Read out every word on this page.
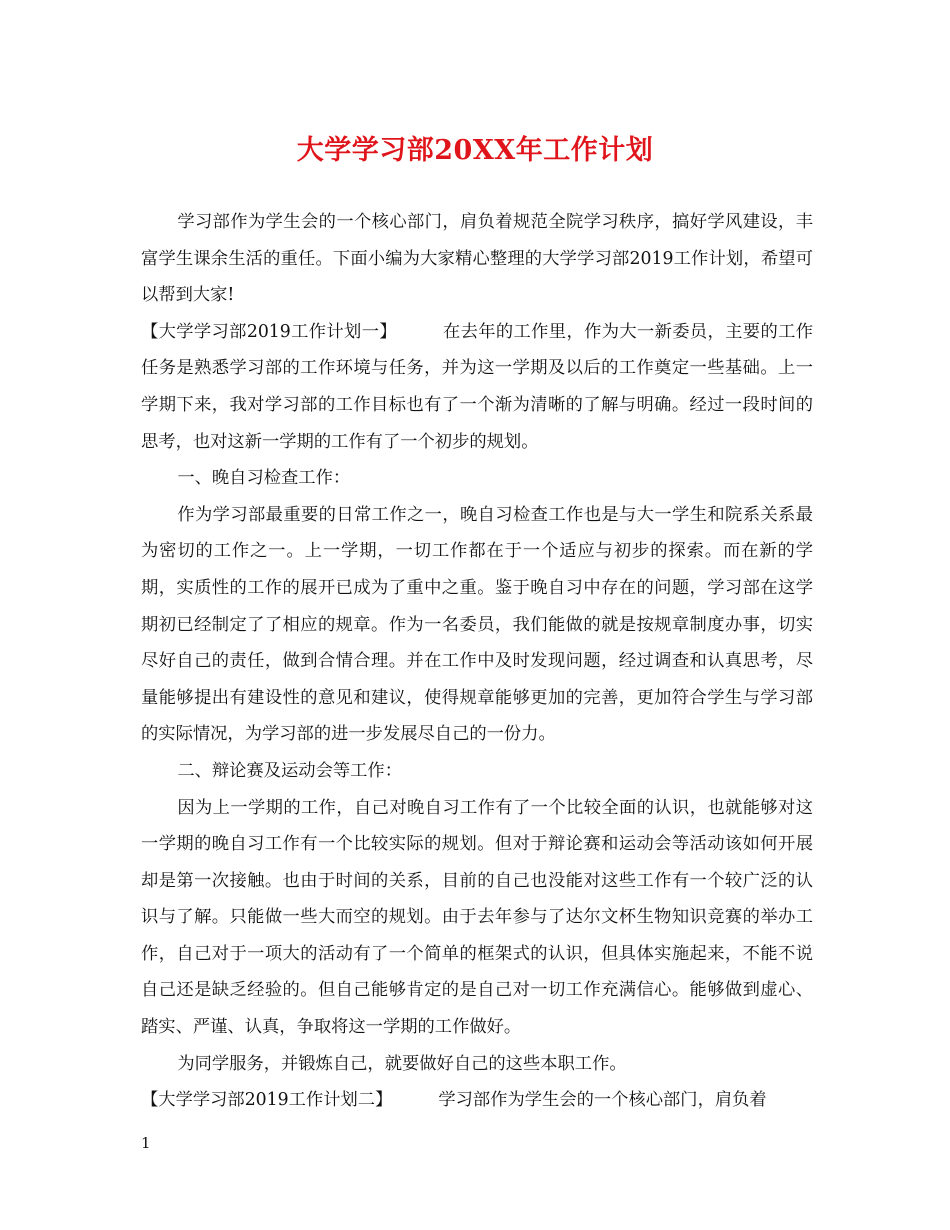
大学学习部20XX年工作计划

学习部作为学生会的一个核心部门，肩负着规范全院学习秩序，搞好学风建设，丰富学生课余生活的重任。下面小编为大家精心整理的大学学习部2019工作计划，希望可以帮到大家!

【大学学习部2019工作计划一】	在去年的工作里，作为大一新委员，主要的工作任务是熟悉学习部的工作环境与任务，并为这一学期及以后的工作奠定一些基础。上一学期下来，我对学习部的工作目标也有了一个渐为清晰的了解与明确。经过一段时间的思考，也对这新一学期的工作有了一个初步的规划。

一、晚自习检查工作：

作为学习部最重要的日常工作之一，晚自习检查工作也是与大一学生和院系关系最为密切的工作之一。上一学期，一切工作都在于一个适应与初步的探索。而在新的学期，实质性的工作的展开已成为了重中之重。鉴于晚自习中存在的问题，学习部在这学期初已经制定了了相应的规章。作为一名委员，我们能做的就是按规章制度办事，切实尽好自己的责任，做到合情合理。并在工作中及时发现问题，经过调查和认真思考，尽量能够提出有建设性的意见和建议，使得规章能够更加的完善，更加符合学生与学习部的实际情况，为学习部的进一步发展尽自己的一份力。

二、辩论赛及运动会等工作：

因为上一学期的工作，自己对晚自习工作有了一个比较全面的认识，也就能够对这一学期的晚自习工作有一个比较实际的规划。但对于辩论赛和运动会等活动该如何开展却是第一次接触。也由于时间的关系，目前的自己也没能对这些工作有一个较广泛的认识与了解。只能做一些大而空的规划。由于去年参与了达尔文杯生物知识竞赛的举办工作，自己对于一项大的活动有了一个简单的框架式的认识，但具体实施起来，不能不说自己还是缺乏经验的。但自己能够肯定的是自己对一切工作充满信心。能够做到虚心、踏实、严谨、认真，争取将这一学期的工作做好。

为同学服务，并锻炼自己，就要做好自己的这些本职工作。

【大学学习部2019工作计划二】	学习部作为学生会的一个核心部门，肩负着

1
